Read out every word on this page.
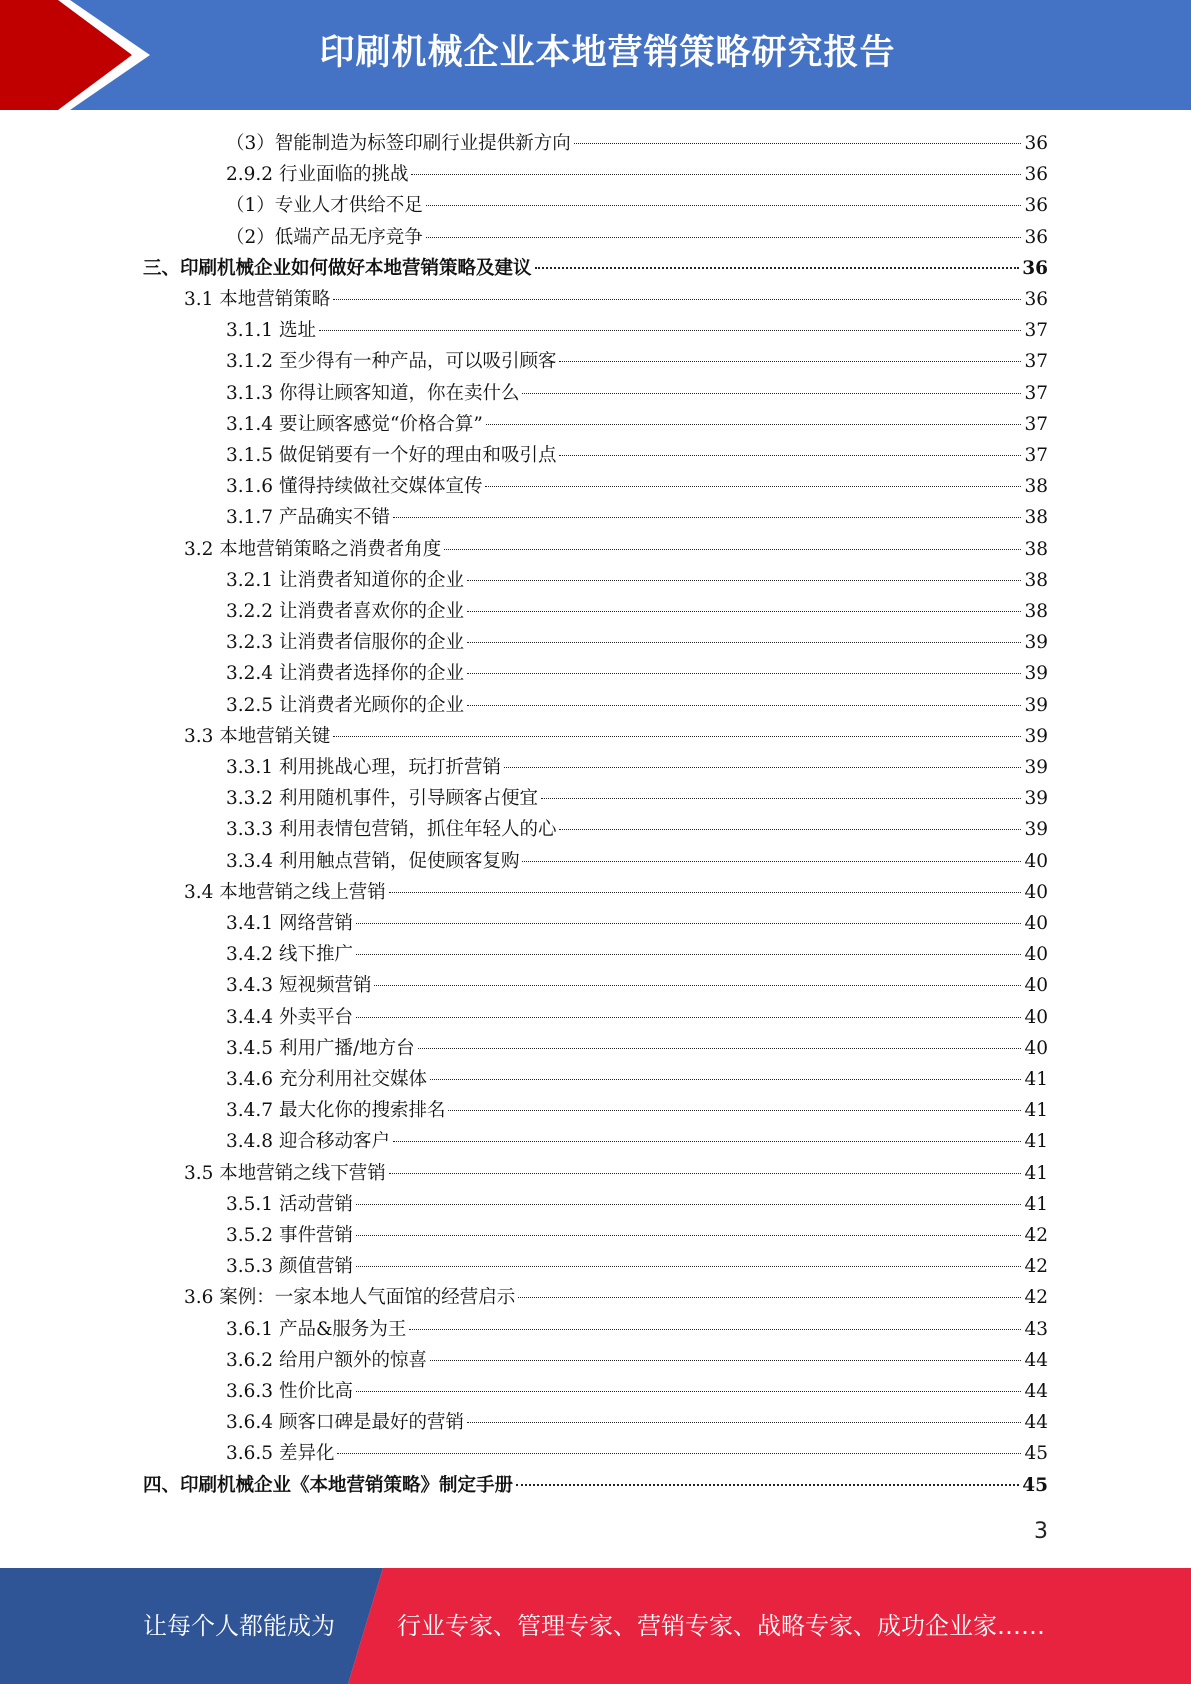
印刷机械企业本地营销策略研究报告
（3）智能制造为标签印刷行业提供新方向	36
2.9.2 行业面临的挑战	36
（1）专业人才供给不足	36
（2）低端产品无序竞争	36
三、印刷机械企业如何做好本地营销策略及建议	36
3.1 本地营销策略	36
3.1.1 选址	37
3.1.2 至少得有一种产品，可以吸引顾客	37
3.1.3 你得让顾客知道，你在卖什么	37
3.1.4 要让顾客感觉“价格合算”	37
3.1.5 做促销要有一个好的理由和吸引点	37
3.1.6 懂得持续做社交媒体宣传	38
3.1.7 产品确实不错	38
3.2 本地营销策略之消费者角度	38
3.2.1 让消费者知道你的企业	38
3.2.2 让消费者喜欢你的企业	38
3.2.3 让消费者信服你的企业	39
3.2.4 让消费者选择你的企业	39
3.2.5 让消费者光顾你的企业	39
3.3 本地营销关键	39
3.3.1 利用挑战心理，玩打折营销	39
3.3.2 利用随机事件，引导顾客占便宜	39
3.3.3 利用表情包营销，抓住年轻人的心	39
3.3.4 利用触点营销，促使顾客复购	40
3.4 本地营销之线上营销	40
3.4.1 网络营销	40
3.4.2 线下推广	40
3.4.3 短视频营销	40
3.4.4 外卖平台	40
3.4.5 利用广播/地方台	40
3.4.6 充分利用社交媒体	41
3.4.7 最大化你的搜索排名	41
3.4.8 迎合移动客户	41
3.5 本地营销之线下营销	41
3.5.1 活动营销	41
3.5.2 事件营销	42
3.5.3 颜值营销	42
3.6 案例：一家本地人气面馆的经营启示	42
3.6.1 产品&服务为王	43
3.6.2 给用户额外的惊喜	44
3.6.3 性价比高	44
3.6.4 顾客口碑是最好的营销	44
3.6.5 差异化	45
四、印刷机械企业《本地营销策略》制定手册	45
3
让每个人都能成为	行业专家、管理专家、营销专家、战略专家、成功企业家……
